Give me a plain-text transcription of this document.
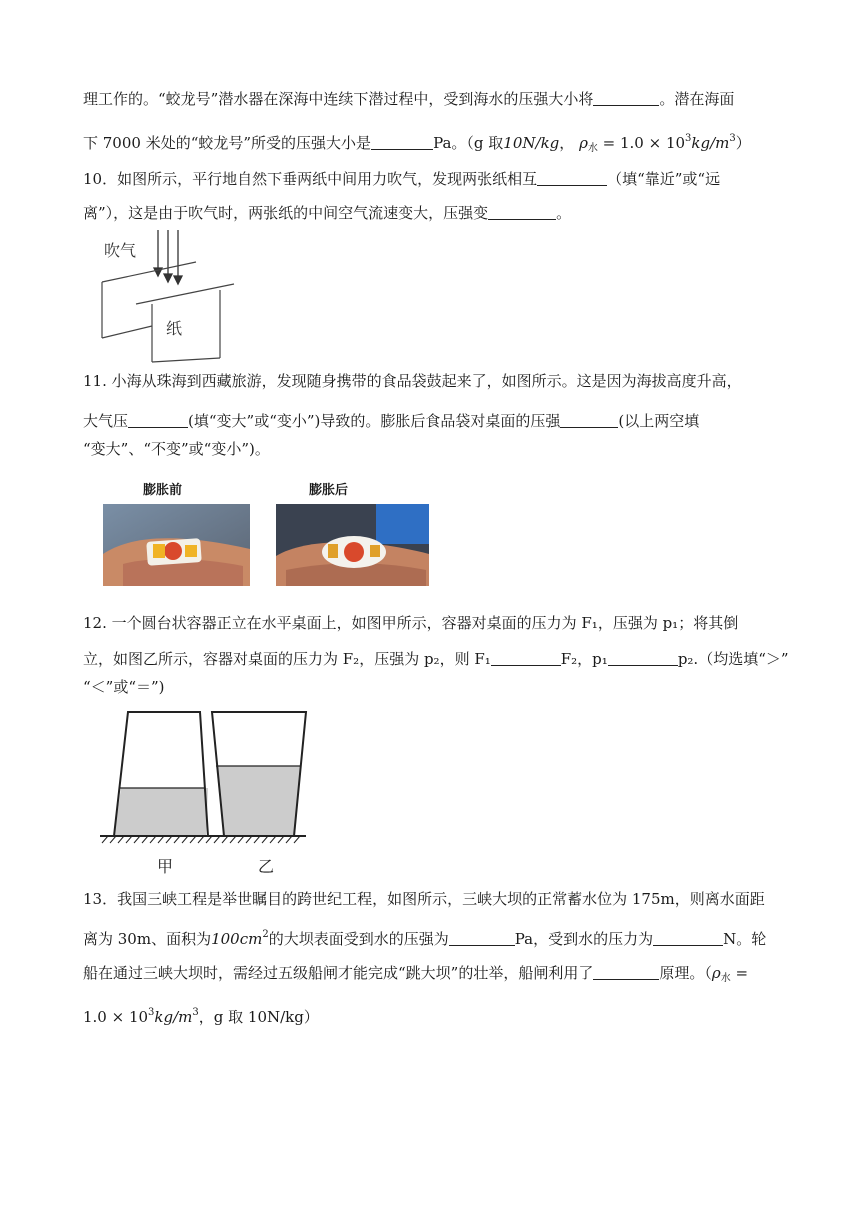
理工作的。“蛟龙号”潜水器在深海中连续下潜过程中，受到海水的压强大小将	。潜在海面
下 7000 米处的“蛟龙号”所受的压强大小是	Pa。（g 取10N/kg， $\rho_水 = 1.0 \times 10^3kg/m^3$）
10．如图所示，平行地自然下垂两纸中间用力吹气，发现两张纸相互	（填“靠近”或“远
离”），这是由于吹气时，两张纸的中间空气流速变大，压强变	。
吹气
纸
11. 小海从珠海到西藏旅游，发现随身携带的食品袋鼓起来了，如图所示。这是因为海拔高度升高，
大气压	(填“变大”或“变小”)导致的。膨胀后食品袋对桌面的压强	(以上两空填
“变大”、“不变”或“变小”)。
膨胀前	膨胀后
12. 一个圆台状容器正立在水平桌面上，如图甲所示，容器对桌面的压力为 F₁，压强为 p₁；将其倒
立，如图乙所示，容器对桌面的压力为 F₂，压强为 p₂，则 F₁	F₂，p₁	p₂.（均选填“＞”
“＜”或“＝”)
甲	乙
13．我国三峡工程是举世瞩目的跨世纪工程，如图所示，三峡大坝的正常蓄水位为 175m，则离水面距
离为 30m、面积为$100cm^2$的大坝表面受到水的压强为	Pa，受到水的压力为	N。轮
船在通过三峡大坝时，需经过五级船闸才能完成“跳大坝”的壮举，船闸利用了	原理。（$\rho_水$ =
$1.0 \times 10^3kg/m^3$，g 取 10N/kg）
